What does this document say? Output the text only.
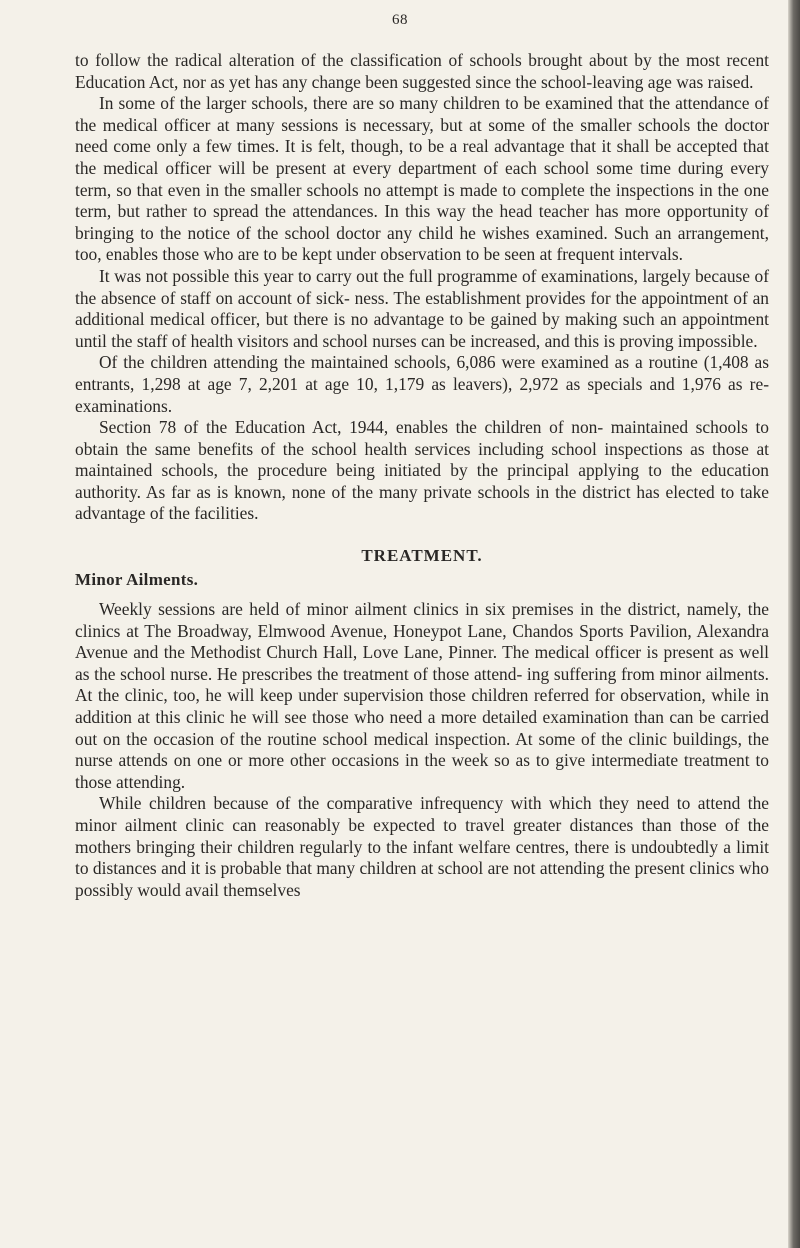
68

to follow the radical alteration of the classification of schools brought about by the most recent Education Act, nor as yet has any change been suggested since the school-leaving age was raised.

In some of the larger schools, there are so many children to be examined that the attendance of the medical officer at many sessions is necessary, but at some of the smaller schools the doctor need come only a few times. It is felt, though, to be a real advantage that it shall be accepted that the medical officer will be present at every department of each school some time during every term, so that even in the smaller schools no attempt is made to complete the inspections in the one term, but rather to spread the attendances. In this way the head teacher has more opportunity of bringing to the notice of the school doctor any child he wishes examined. Such an arrangement, too, enables those who are to be kept under observation to be seen at frequent intervals.

It was not possible this year to carry out the full programme of examinations, largely because of the absence of staff on account of sick- ness. The establishment provides for the appointment of an additional medical officer, but there is no advantage to be gained by making such an appointment until the staff of health visitors and school nurses can be increased, and this is proving impossible.

Of the children attending the maintained schools, 6,086 were examined as a routine (1,408 as entrants, 1,298 at age 7, 2,201 at age 10, 1,179 as leavers), 2,972 as specials and 1,976 as re-examinations.

Section 78 of the Education Act, 1944, enables the children of non- maintained schools to obtain the same benefits of the school health services including school inspections as those at maintained schools, the procedure being initiated by the principal applying to the education authority. As far as is known, none of the many private schools in the district has elected to take advantage of the facilities.

TREATMENT.
Minor Ailments.

Weekly sessions are held of minor ailment clinics in six premises in the district, namely, the clinics at The Broadway, Elmwood Avenue, Honeypot Lane, Chandos Sports Pavilion, Alexandra Avenue and the Methodist Church Hall, Love Lane, Pinner. The medical officer is present as well as the school nurse. He prescribes the treatment of those attend- ing suffering from minor ailments. At the clinic, too, he will keep under supervision those children referred for observation, while in addition at this clinic he will see those who need a more detailed examination than can be carried out on the occasion of the routine school medical inspection. At some of the clinic buildings, the nurse attends on one or more other occasions in the week so as to give intermediate treatment to those attending.

While children because of the comparative infrequency with which they need to attend the minor ailment clinic can reasonably be expected to travel greater distances than those of the mothers bringing their children regularly to the infant welfare centres, there is undoubtedly a limit to distances and it is probable that many children at school are not attending the present clinics who possibly would avail themselves
